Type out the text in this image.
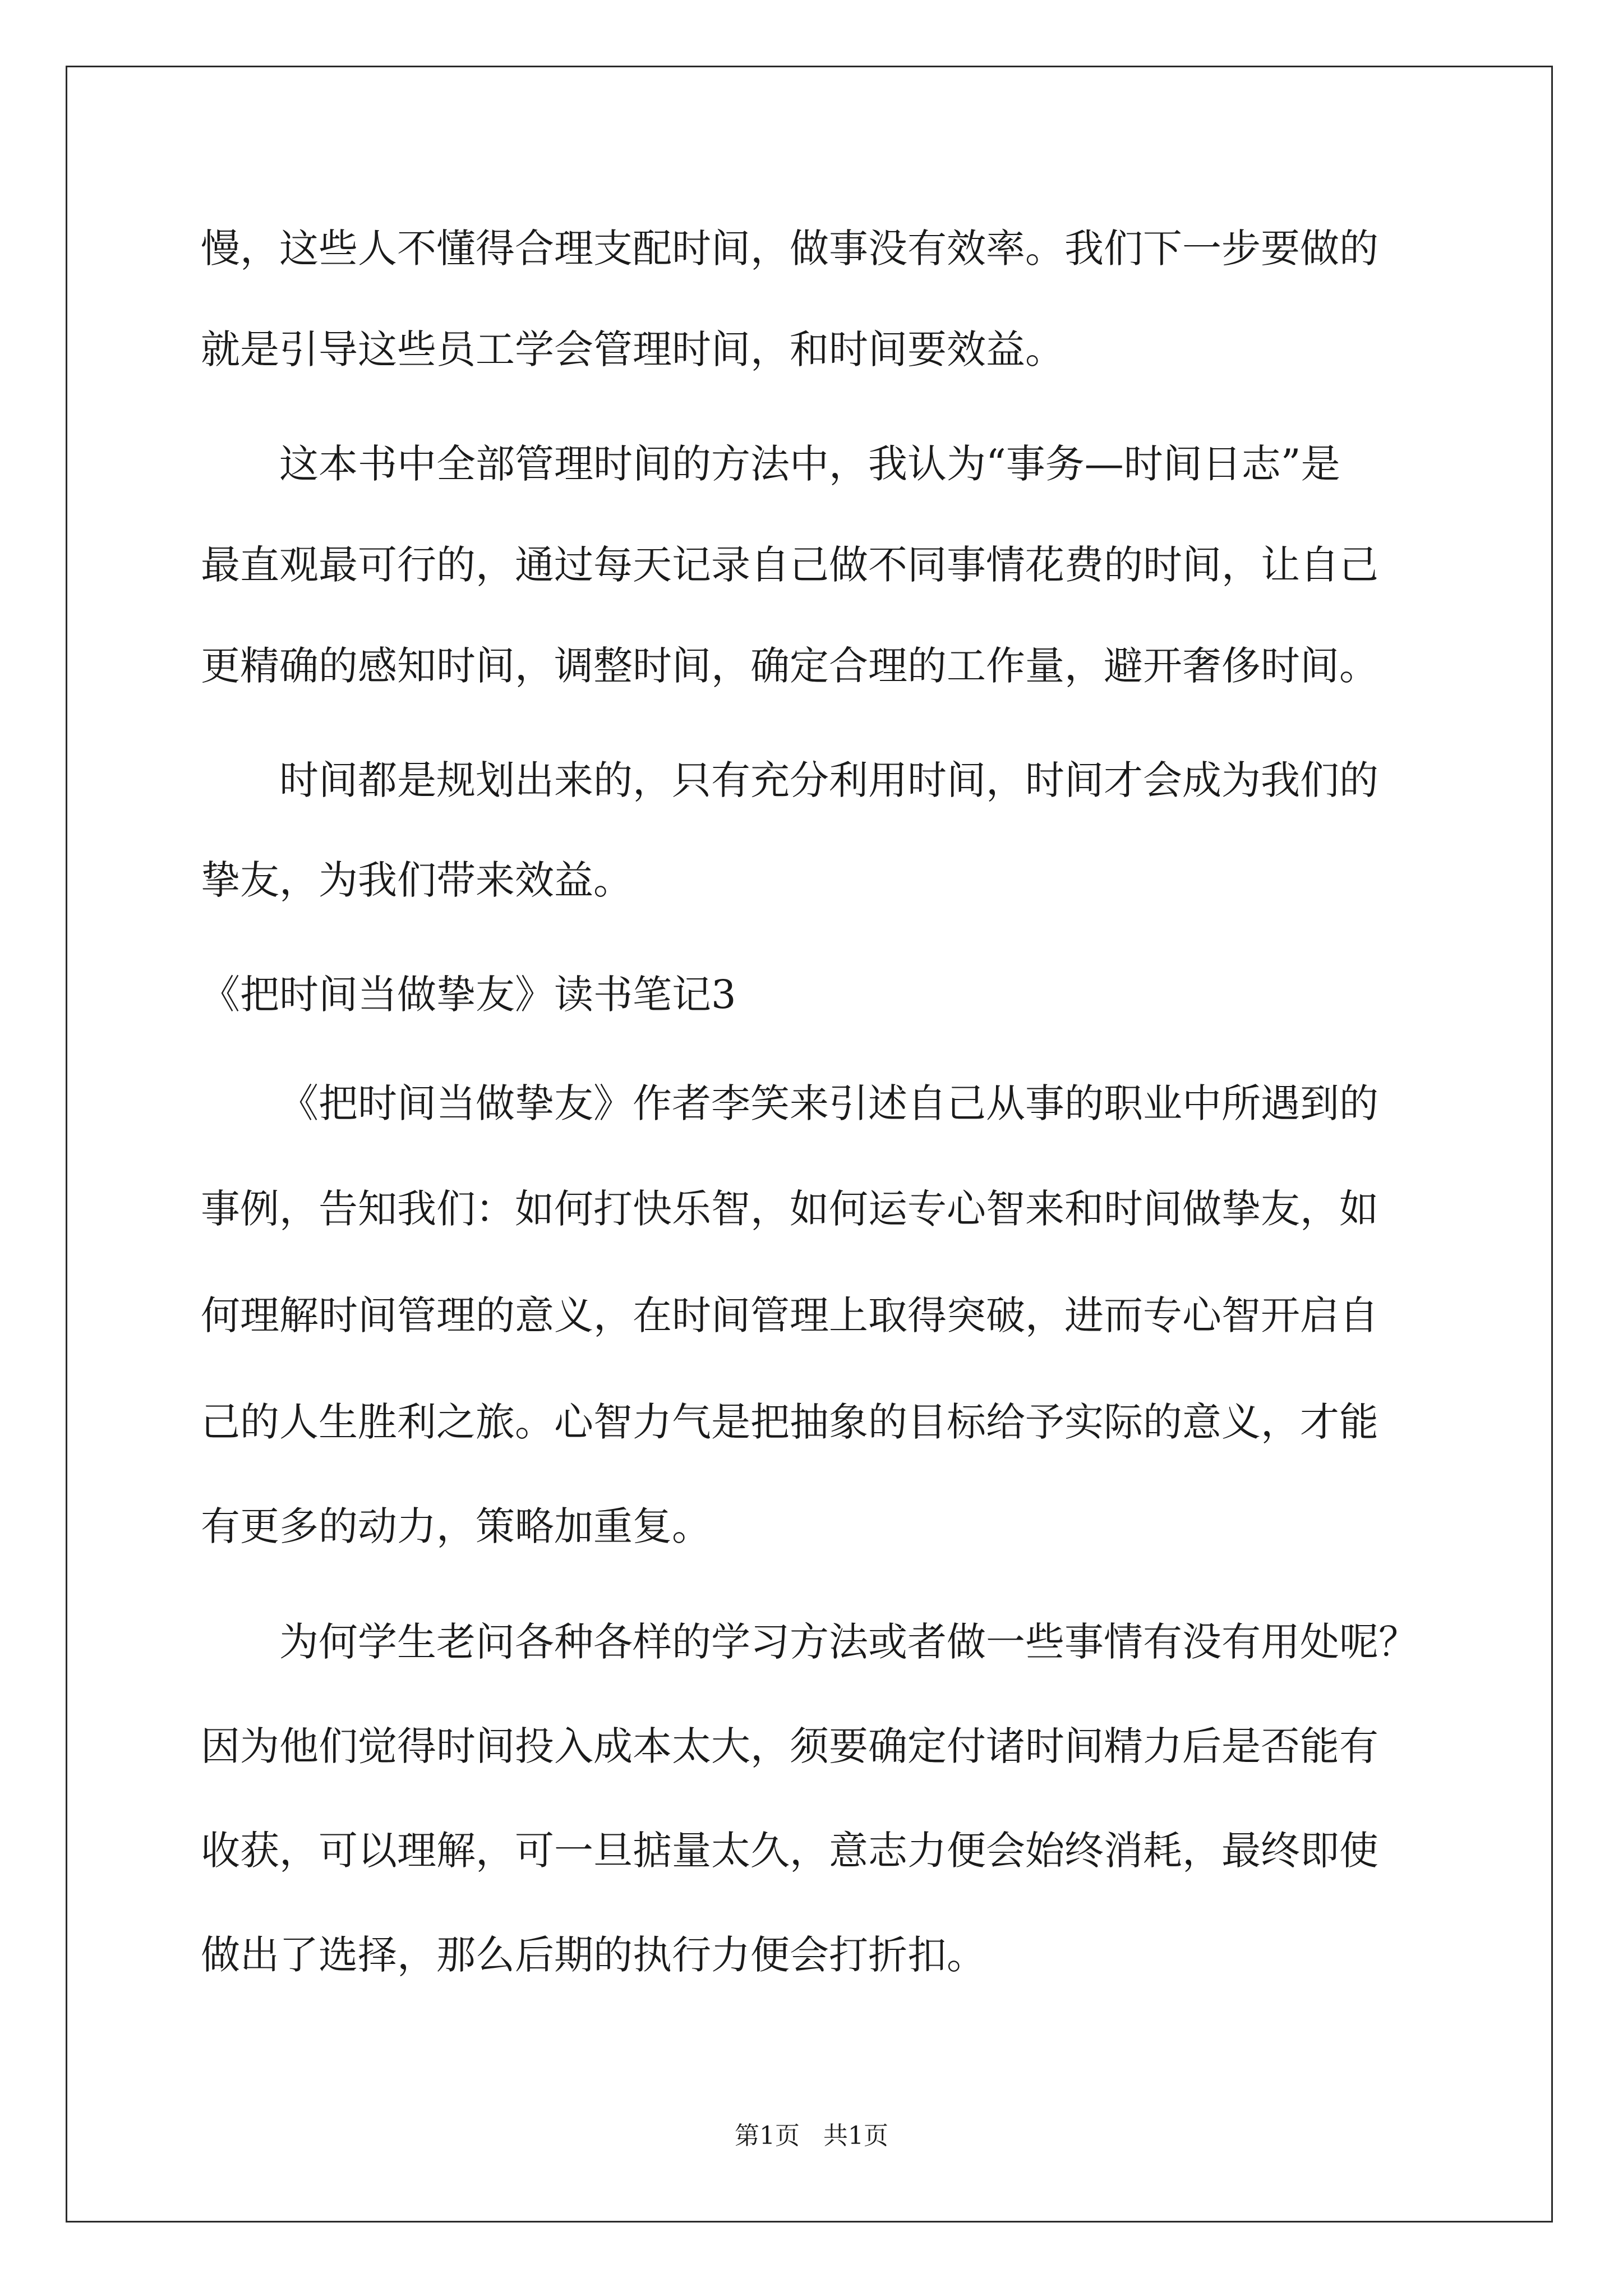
慢，这些人不懂得合理支配时间，做事没有效率。我们下一步要做的

就是引导这些员工学会管理时间，和时间要效益。

这本书中全部管理时间的方法中，我认为“事务—时间日志”是

最直观最可行的，通过每天记录自己做不同事情花费的时间，让自己

更精确的感知时间，调整时间，确定合理的工作量，避开奢侈时间。

时间都是规划出来的，只有充分利用时间，时间才会成为我们的

挚友，为我们带来效益。

《把时间当做挚友》读书笔记3

《把时间当做挚友》作者李笑来引述自己从事的职业中所遇到的

事例，告知我们：如何打快乐智，如何运专心智来和时间做挚友，如

何理解时间管理的意义，在时间管理上取得突破，进而专心智开启自

己的人生胜利之旅。心智力气是把抽象的目标给予实际的意义，才能

有更多的动力，策略加重复。

为何学生老问各种各样的学习方法或者做一些事情有没有用处呢？

因为他们觉得时间投入成本太大，须要确定付诸时间精力后是否能有

收获，可以理解，可一旦掂量太久，意志力便会始终消耗，最终即使

做出了选择，那么后期的执行力便会打折扣。

第1页   共1页
